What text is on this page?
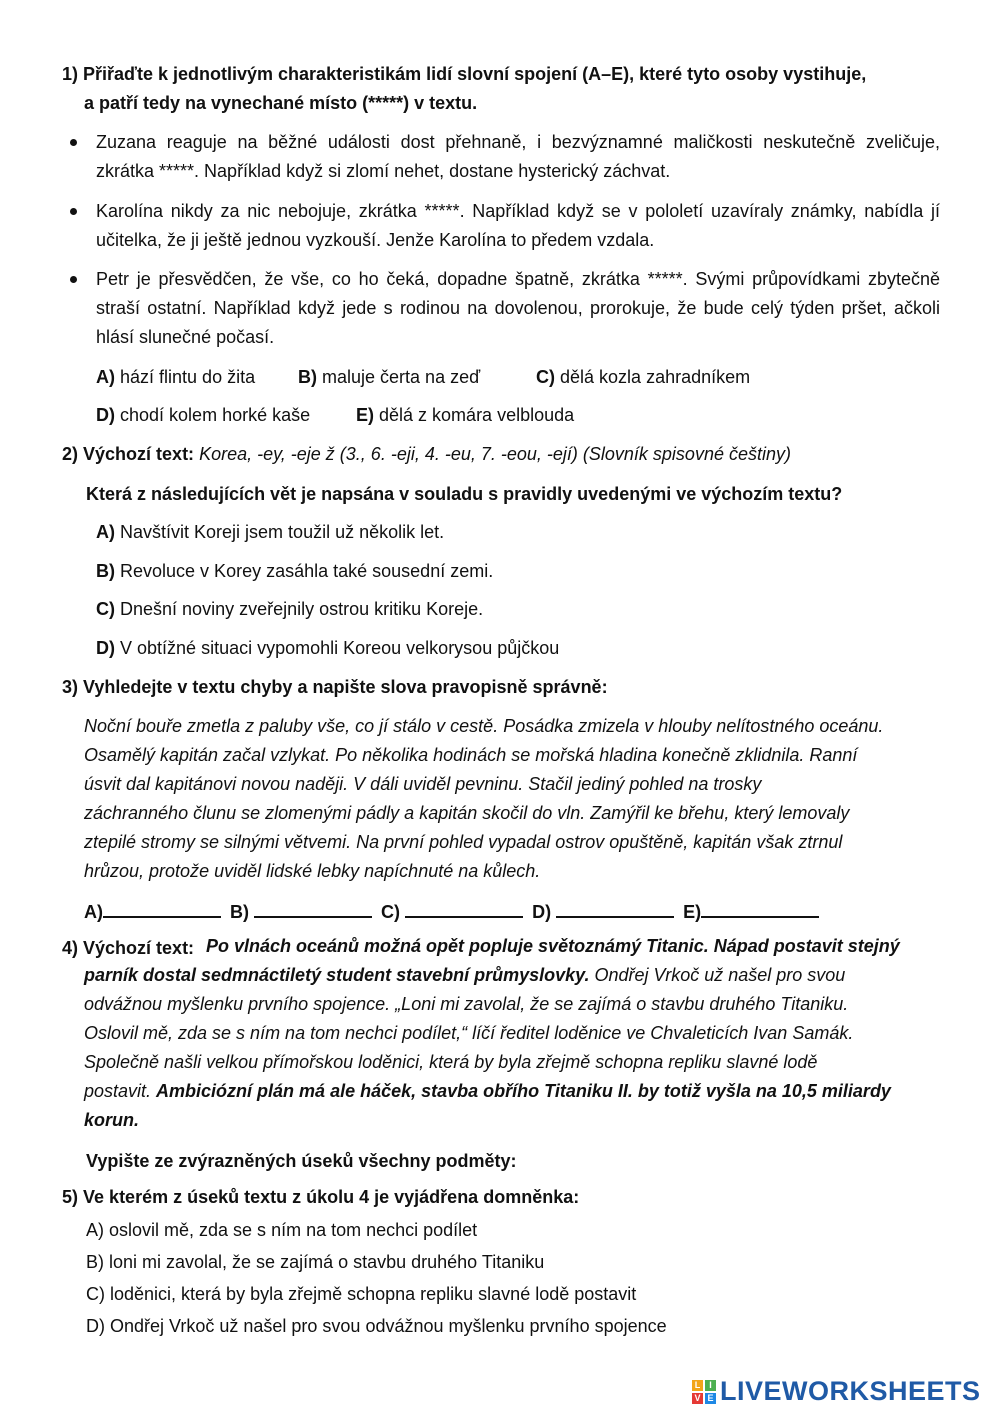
1) Přiřaďte k jednotlivým charakteristikám lidí slovní spojení (A–E), které tyto osoby vystihuje,
a patří tedy na vynechané místo (*****) v textu.
Zuzana reaguje na běžné události dost přehnaně, i bezvýznamné maličkosti neskutečně zveličuje, zkrátka *****. Například když si zlomí nehet, dostane hysterický záchvat.
Karolína nikdy za nic nebojuje, zkrátka *****. Například když se v pololetí uzavíraly známky, nabídla jí učitelka, že ji ještě jednou vyzkouší. Jenže Karolína to předem vzdala.
Petr je přesvědčen, že vše, co ho čeká, dopadne špatně, zkrátka *****. Svými průpovídkami zbytečně straší ostatní. Například když jede s rodinou na dovolenou, prorokuje, že bude celý týden pršet, ačkoli hlásí slunečné počasí.
A) hází flintu do žita B) maluje čerta na zeď	C) dělá kozla zahradníkem
D) chodí kolem horké kaše	E) dělá z komára velblouda
2) Výchozí text: Korea, -ey, -eje ž (3., 6. -eji, 4. -eu, 7. -eou, -ejí) (Slovník spisovné češtiny)
Která z následujících vět je napsána v souladu s pravidly uvedenými ve výchozím textu?
A) Navštívit Koreji jsem toužil už několik let.
B) Revoluce v Korey zasáhla také sousední zemi.
C) Dnešní noviny zveřejnily ostrou kritiku Koreje.
D) V obtížné situaci vypomohli Koreou velkorysou půjčkou
3) Vyhledejte v textu chyby a napište slova pravopisně správně:
Noční bouře zmetla z paluby vše, co jí stálo v cestě. Posádka zmizela v hlouby nelítostného oceánu.
Osamělý kapitán začal vzlykat. Po několika hodinách se mořská hladina konečně zklidnila. Ranní
úsvit dal kapitánovi novou naději. V dáli uviděl pevninu. Stačil jediný pohled na trosky
záchranného člunu se zlomenými pádly a kapitán skočil do vln. Zamýřil ke břehu, který lemovaly
ztepilé stromy se silnými větvemi. Na první pohled vypadal ostrov opuštěně, kapitán však ztrnul
hrůzou, protože uviděl lidské lebky napíchnuté na kůlech.
A)	B)	C)	D)	E)
4) Výchozí text: Po vlnách oceánů možná opět popluje světoznámý Titanic. Nápad postavit stejný
parník dostal sedmnáctiletý student stavební průmyslovky. Ondřej Vrkoč už našel pro svou
odvážnou myšlenku prvního spojence. „Loni mi zavolal, že se zajímá o stavbu druhého Titaniku.
Oslovil mě, zda se s ním na tom nechci podílet,“ líčí ředitel loděnice ve Chvaleticích Ivan Samák.
Společně našli velkou přímořskou loděnici, která by byla zřejmě schopna repliku slavné lodě
postavit. Ambiciózní plán má ale háček, stavba obřího Titaniku II. by totiž vyšla na 10,5 miliardy
korun.
Vypište ze zvýrazněných úseků všechny podměty:
5) Ve kterém z úseků textu z úkolu 4 je vyjádřena domněnka:
A) oslovil mě, zda se s ním na tom nechci podílet
B) loni mi zavolal, že se zajímá o stavbu druhého Titaniku
C) loděnici, která by byla zřejmě schopna repliku slavné lodě postavit
D) Ondřej Vrkoč už našel pro svou odvážnou myšlenku prvního spojence
L I
V E LIVEWORKSHEETS
